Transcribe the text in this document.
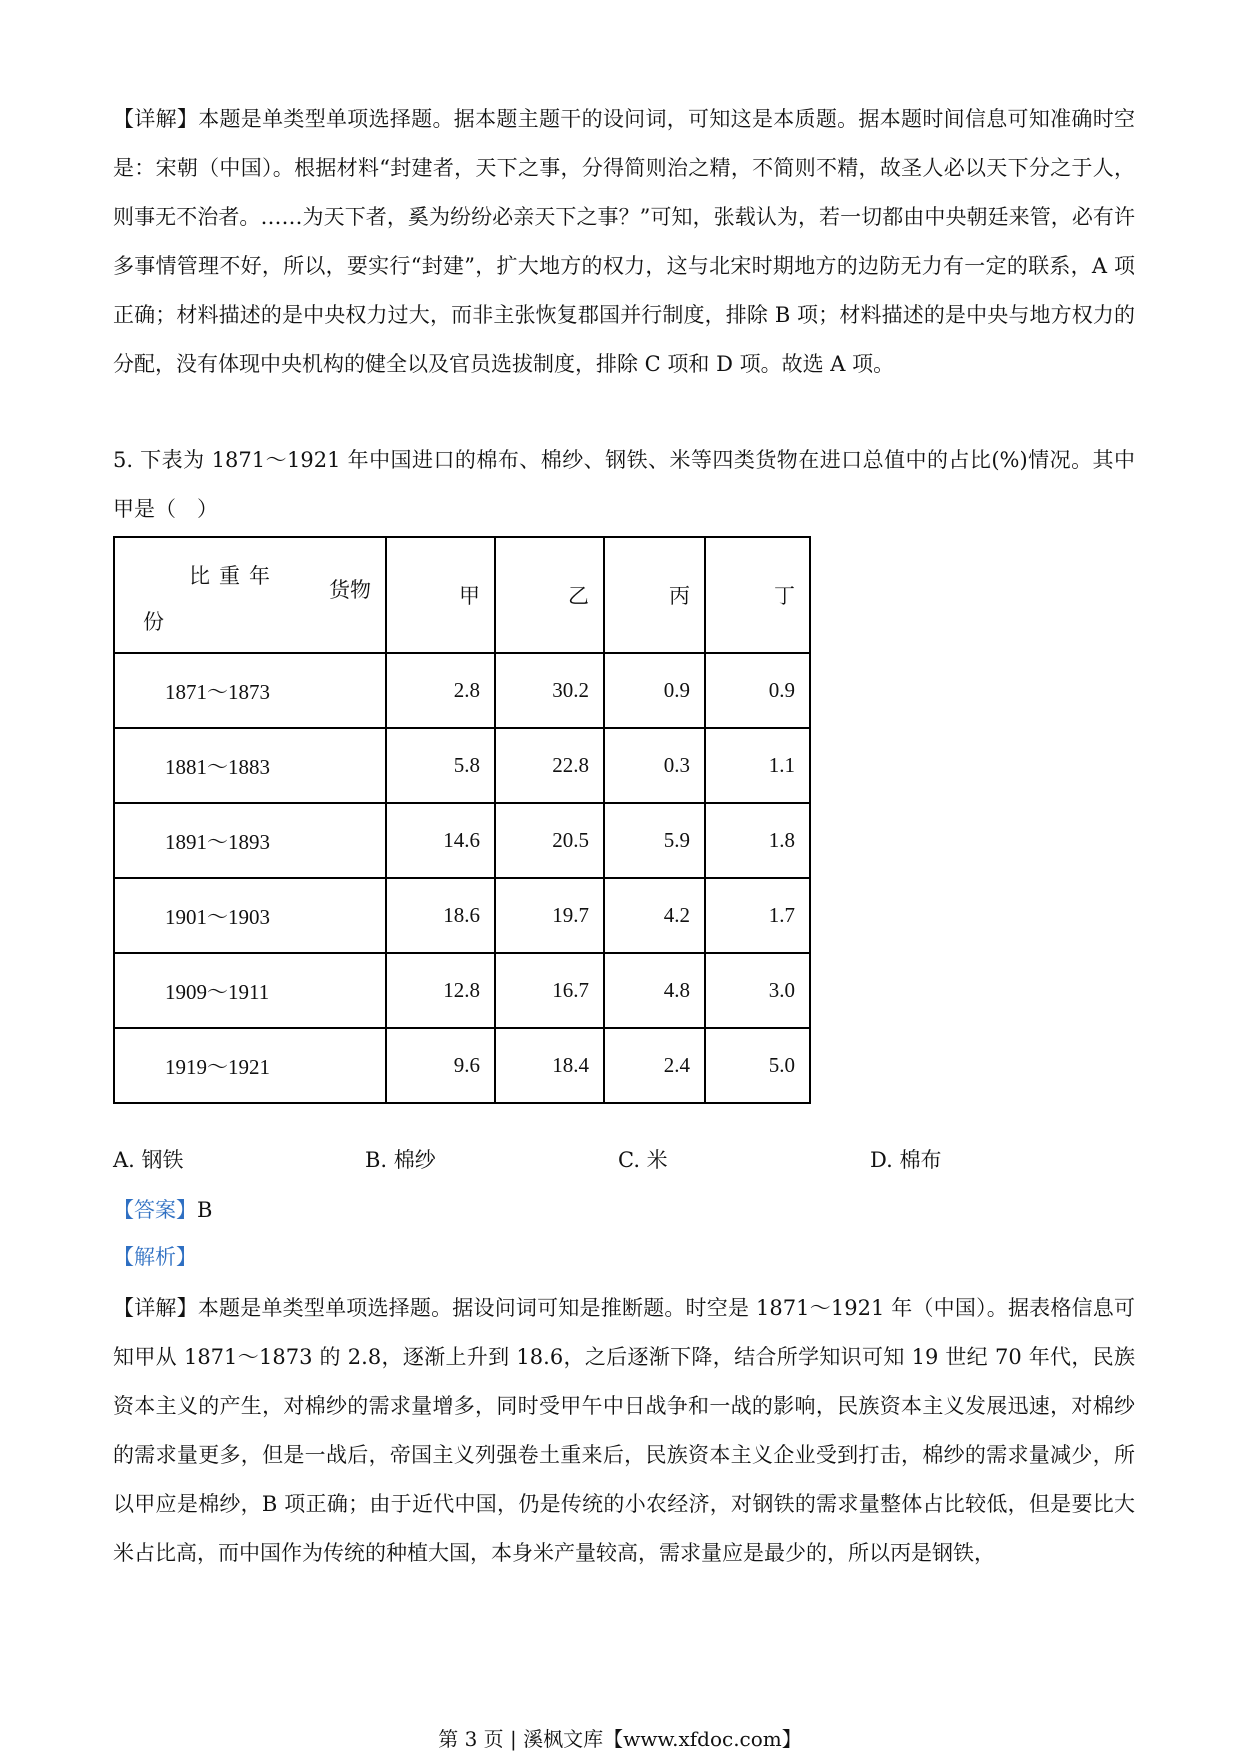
【详解】本题是单类型单项选择题。据本题主题干的设问词，可知这是本质题。据本题时间信息可知准确时空是：宋朝（中国）。根据材料“封建者，天下之事，分得简则治之精，不简则不精，故圣人必以天下分之于人，则事无不治者。……为天下者，奚为纷纷必亲天下之事？”可知，张载认为，若一切都由中央朝廷来管，必有许多事情管理不好，所以，要实行“封建”，扩大地方的权力，这与北宋时期地方的边防无力有一定的联系，A 项正确；材料描述的是中央权力过大，而非主张恢复郡国并行制度，排除 B 项；材料描述的是中央与地方权力的分配，没有体现中央机构的健全以及官员选拔制度，排除 C 项和 D 项。故选 A 项。

5. 下表为 1871～1921 年中国进口的棉布、棉纱、钢铁、米等四类货物在进口总值中的占比(%)情况。其中甲是（　）

比重年
货物
份	甲	乙	丙	丁
1871～1873	2.8	30.2	0.9	0.9
1881～1883	5.8	22.8	0.3	1.1
1891～1893	14.6	20.5	5.9	1.8
1901～1903	18.6	19.7	4.2	1.7
1909～1911	12.8	16.7	4.8	3.0
1919～1921	9.6	18.4	2.4	5.0

A. 钢铁	B. 棉纱	C. 米	D. 棉布

【答案】B

【解析】

【详解】本题是单类型单项选择题。据设问词可知是推断题。时空是 1871～1921 年（中国）。据表格信息可知甲从 1871～1873 的 2.8，逐渐上升到 18.6，之后逐渐下降，结合所学知识可知 19 世纪 70 年代，民族资本主义的产生，对棉纱的需求量增多，同时受甲午中日战争和一战的影响，民族资本主义发展迅速，对棉纱的需求量更多，但是一战后，帝国主义列强卷土重来后，民族资本主义企业受到打击，棉纱的需求量减少，所以甲应是棉纱，B 项正确；由于近代中国，仍是传统的小农经济，对钢铁的需求量整体占比较低，但是要比大米占比高，而中国作为传统的种植大国，本身米产量较高，需求量应是最少的，所以丙是钢铁，

第 3 页 | 溪枫文库【www.xfdoc.com】
